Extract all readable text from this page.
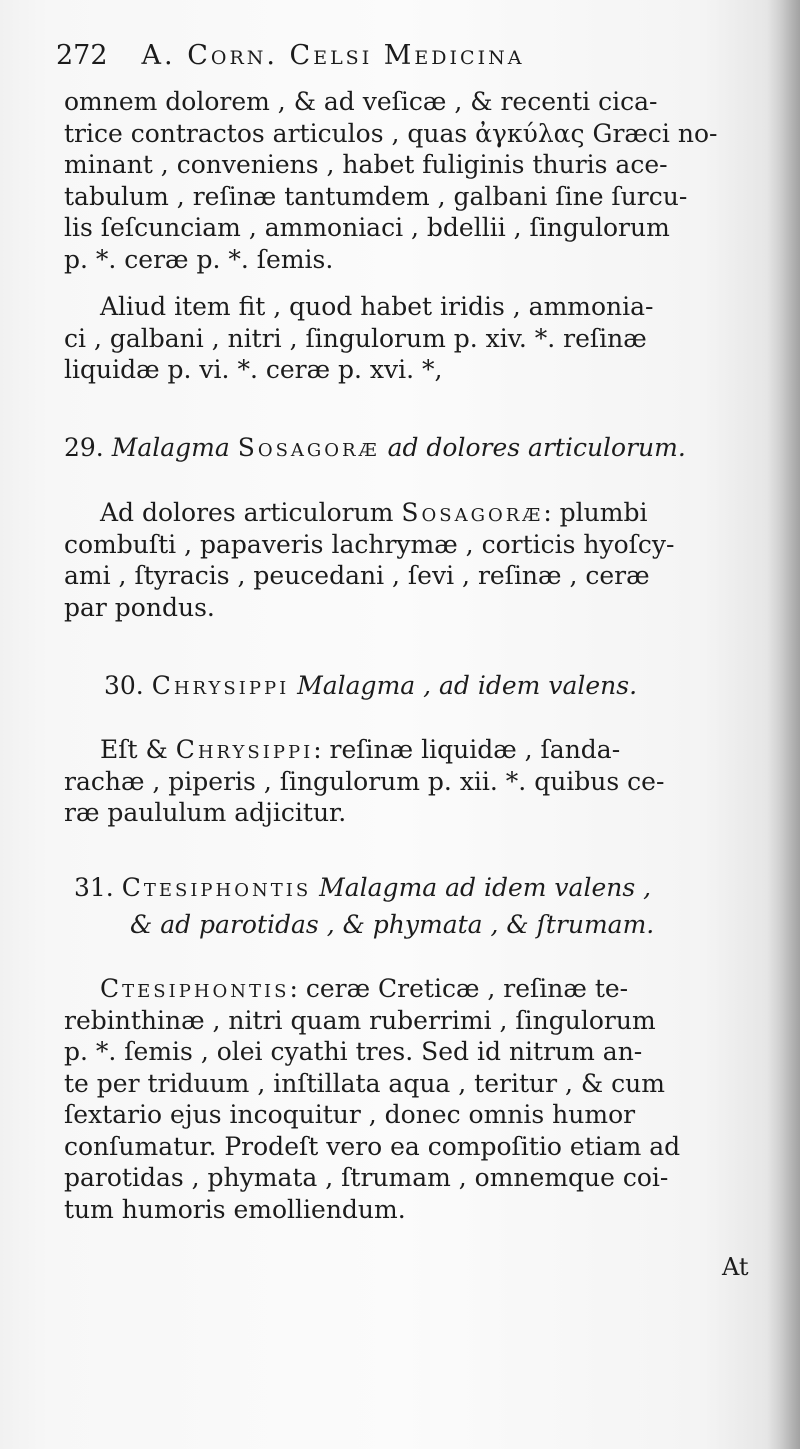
272 A. Corn. Celsi Medicina
omnem dolorem , & ad veſicæ , & recenti cica-
trice contractos articulos , quas ἀγκύλας Græci no-
minant , conveniens , habet fuliginis thuris ace-
tabulum , reſinæ tantumdem , galbani ſine ſurcu-
lis ſeſcunciam , ammoniaci , bdellii , ſingulorum
p. *. ceræ p. *. ſemis.
Aliud item fit , quod habet iridis , ammonia-
ci , galbani , nitri , ſingulorum p. xiv. *. reſinæ
liquidæ p. vi. *. ceræ p. xvi. *,
29. Malagma Sosagoræ ad dolores articulorum.
Ad dolores articulorum Sosagoræ: plumbi
combuſti , papaveris lachrymæ , corticis hyoſcy-
ami , ſtyracis , peucedani , ſevi , reſinæ , ceræ
par pondus.
30. Chrysippi Malagma , ad idem valens.
Eſt & Chrysippi: reſinæ liquidæ , ſanda-
rachæ , piperis , ſingulorum p. xii. *. quibus ce-
ræ paululum adjicitur.
31. Ctesiphontis Malagma ad idem valens ,
& ad parotidas , & phymata , & ſtrumam.
Ctesiphontis: ceræ Creticæ , reſinæ te-
rebinthinæ , nitri quam ruberrimi , ſingulorum
p. *. ſemis , olei cyathi tres. Sed id nitrum an-
te per triduum , inſtillata aqua , teritur , & cum
ſextario ejus incoquitur , donec omnis humor
conſumatur. Prodeſt vero ea compoſitio etiam ad
parotidas , phymata , ſtrumam , omnemque coi-
tum humoris emolliendum.
At
